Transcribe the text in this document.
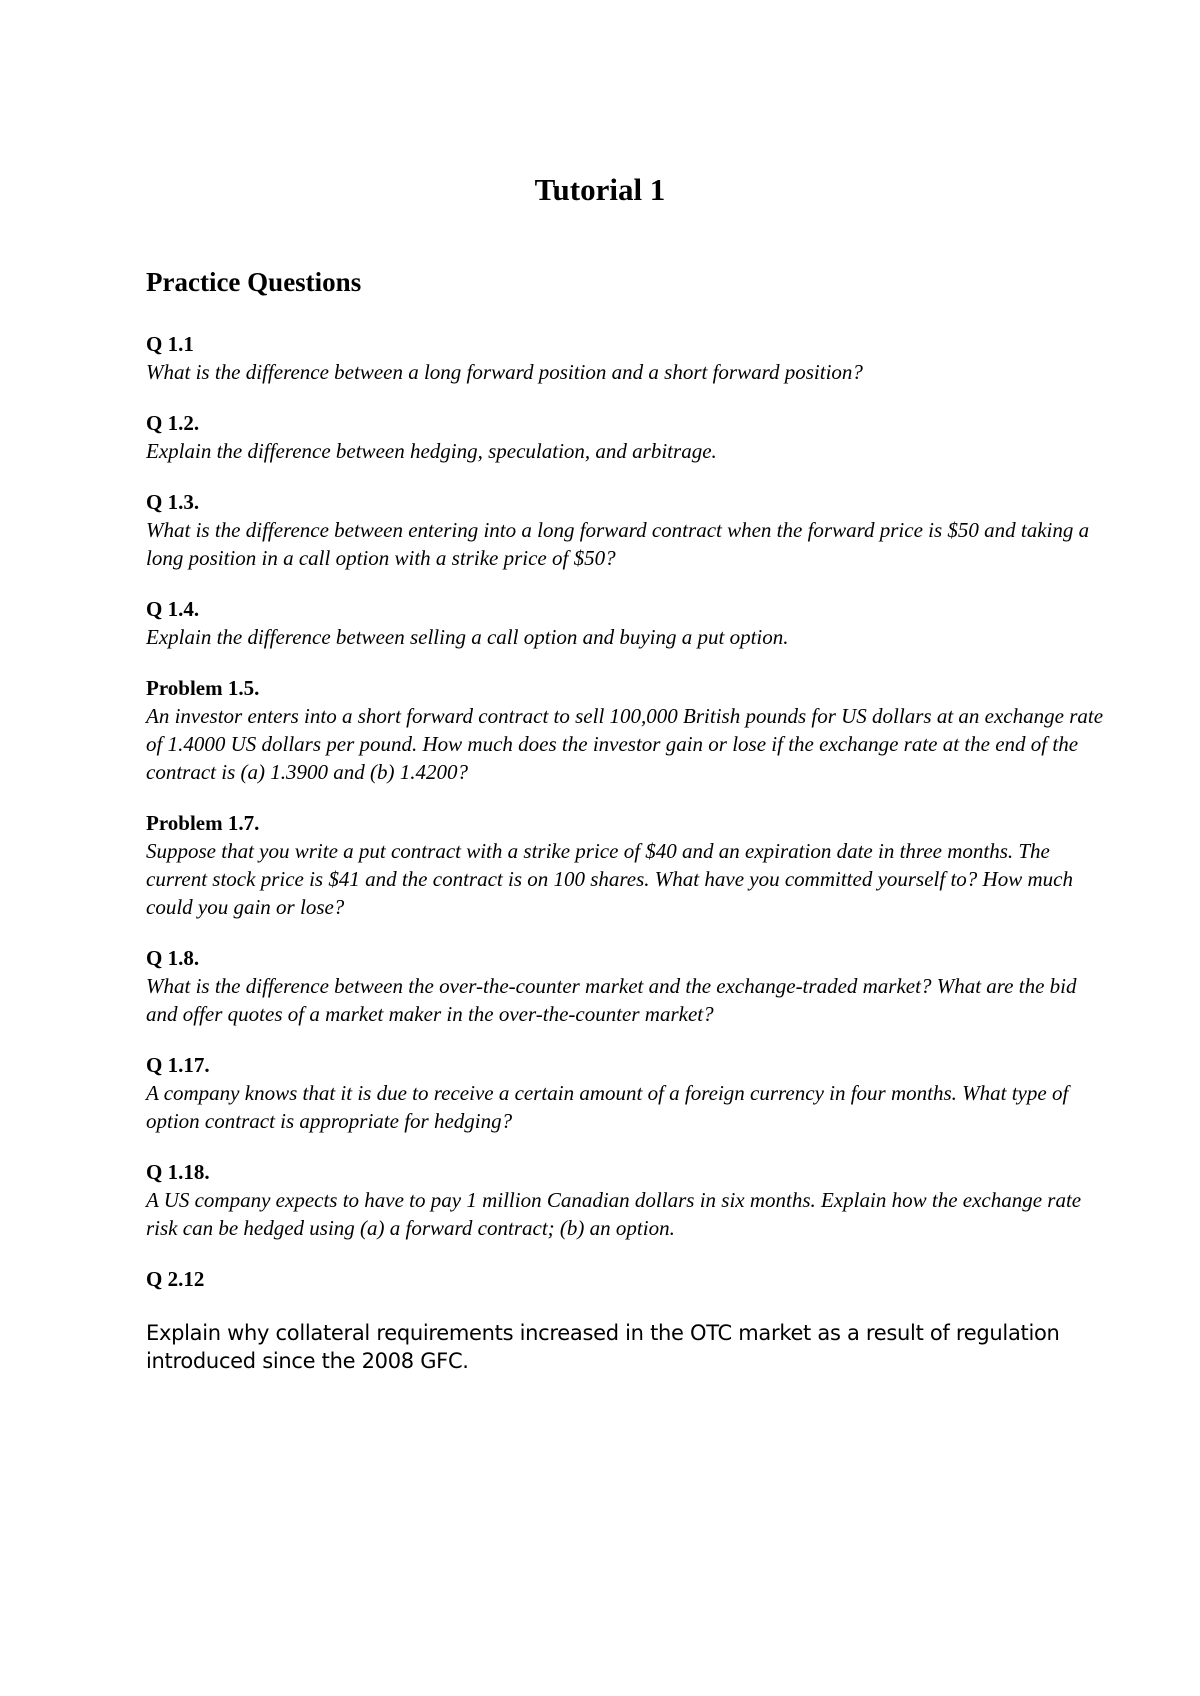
Tutorial 1
Practice Questions

Q 1.1

What is the difference between a long forward position and a short forward position?

Q 1.2.

Explain the difference between hedging, speculation, and arbitrage.

Q 1.3.

What is the difference between entering into a long forward contract when the forward price is $50 and taking a long position in a call option with a strike price of $50?

Q 1.4.

Explain the difference between selling a call option and buying a put option.

Problem 1.5.

An investor enters into a short forward contract to sell 100,000 British pounds for US dollars at an exchange rate of 1.4000 US dollars per pound. How much does the investor gain or lose if the exchange rate at the end of the contract is (a) 1.3900 and (b) 1.4200?

Problem 1.7.

Suppose that you write a put contract with a strike price of $40 and an expiration date in three months. The current stock price is $41 and the contract is on 100 shares. What have you committed yourself to? How much could you gain or lose?

Q 1.8.

What is the difference between the over-the-counter market and the exchange-traded market? What are the bid and offer quotes of a market maker in the over-the-counter market?

Q 1.17.

A company knows that it is due to receive a certain amount of a foreign currency in four months. What type of option contract is appropriate for hedging?

Q 1.18.

A US company expects to have to pay 1 million Canadian dollars in six months. Explain how the exchange rate risk can be hedged using (a) a forward contract; (b) an option.

Q 2.12

Explain why collateral requirements increased in the OTC market as a result of regulation introduced since the 2008 GFC.
